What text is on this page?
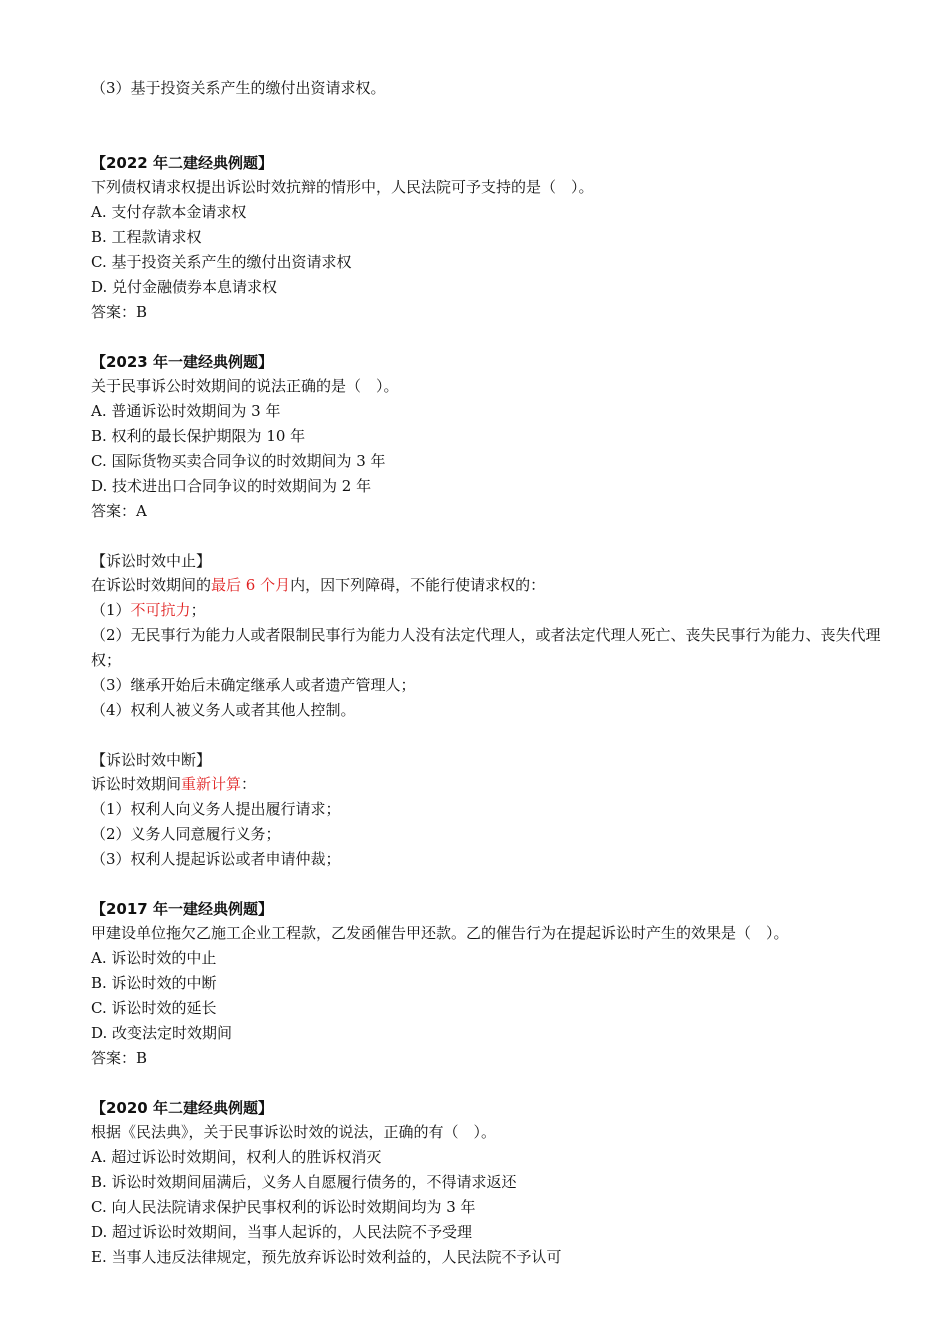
（3）基于投资关系产生的缴付出资请求权。
【2022 年二建经典例题】
下列债权请求权提出诉讼时效抗辩的情形中，人民法院可予支持的是（　）。
A. 支付存款本金请求权
B. 工程款请求权
C. 基于投资关系产生的缴付出资请求权
D. 兑付金融债券本息请求权
答案：B
【2023 年一建经典例题】
关于民事诉公时效期间的说法正确的是（　）。
A. 普通诉讼时效期间为 3 年
B. 权利的最长保护期限为 10 年
C. 国际货物买卖合同争议的时效期间为 3 年
D. 技术进出口合同争议的时效期间为 2 年
答案：A
【诉讼时效中止】
在诉讼时效期间的最后 6 个月内，因下列障碍，不能行使请求权的：
（1）不可抗力；
（2）无民事行为能力人或者限制民事行为能力人没有法定代理人，或者法定代理人死亡、丧失民事行为能力、丧失代理权；
（3）继承开始后未确定继承人或者遗产管理人；
（4）权利人被义务人或者其他人控制。
【诉讼时效中断】
诉讼时效期间重新计算：
（1）权利人向义务人提出履行请求；
（2）义务人同意履行义务；
（3）权利人提起诉讼或者申请仲裁；
【2017 年一建经典例题】
甲建设单位拖欠乙施工企业工程款，乙发函催告甲还款。乙的催告行为在提起诉讼时产生的效果是（　）。
A. 诉讼时效的中止
B. 诉讼时效的中断
C. 诉讼时效的延长
D. 改变法定时效期间
答案：B
【2020 年二建经典例题】
根据《民法典》，关于民事诉讼时效的说法，正确的有（　）。
A. 超过诉讼时效期间，权利人的胜诉权消灭
B. 诉讼时效期间届满后，义务人自愿履行债务的，不得请求返还
C. 向人民法院请求保护民事权利的诉讼时效期间均为 3 年
D. 超过诉讼时效期间，当事人起诉的，人民法院不予受理
E. 当事人违反法律规定，预先放弃诉讼时效利益的，人民法院不予认可
